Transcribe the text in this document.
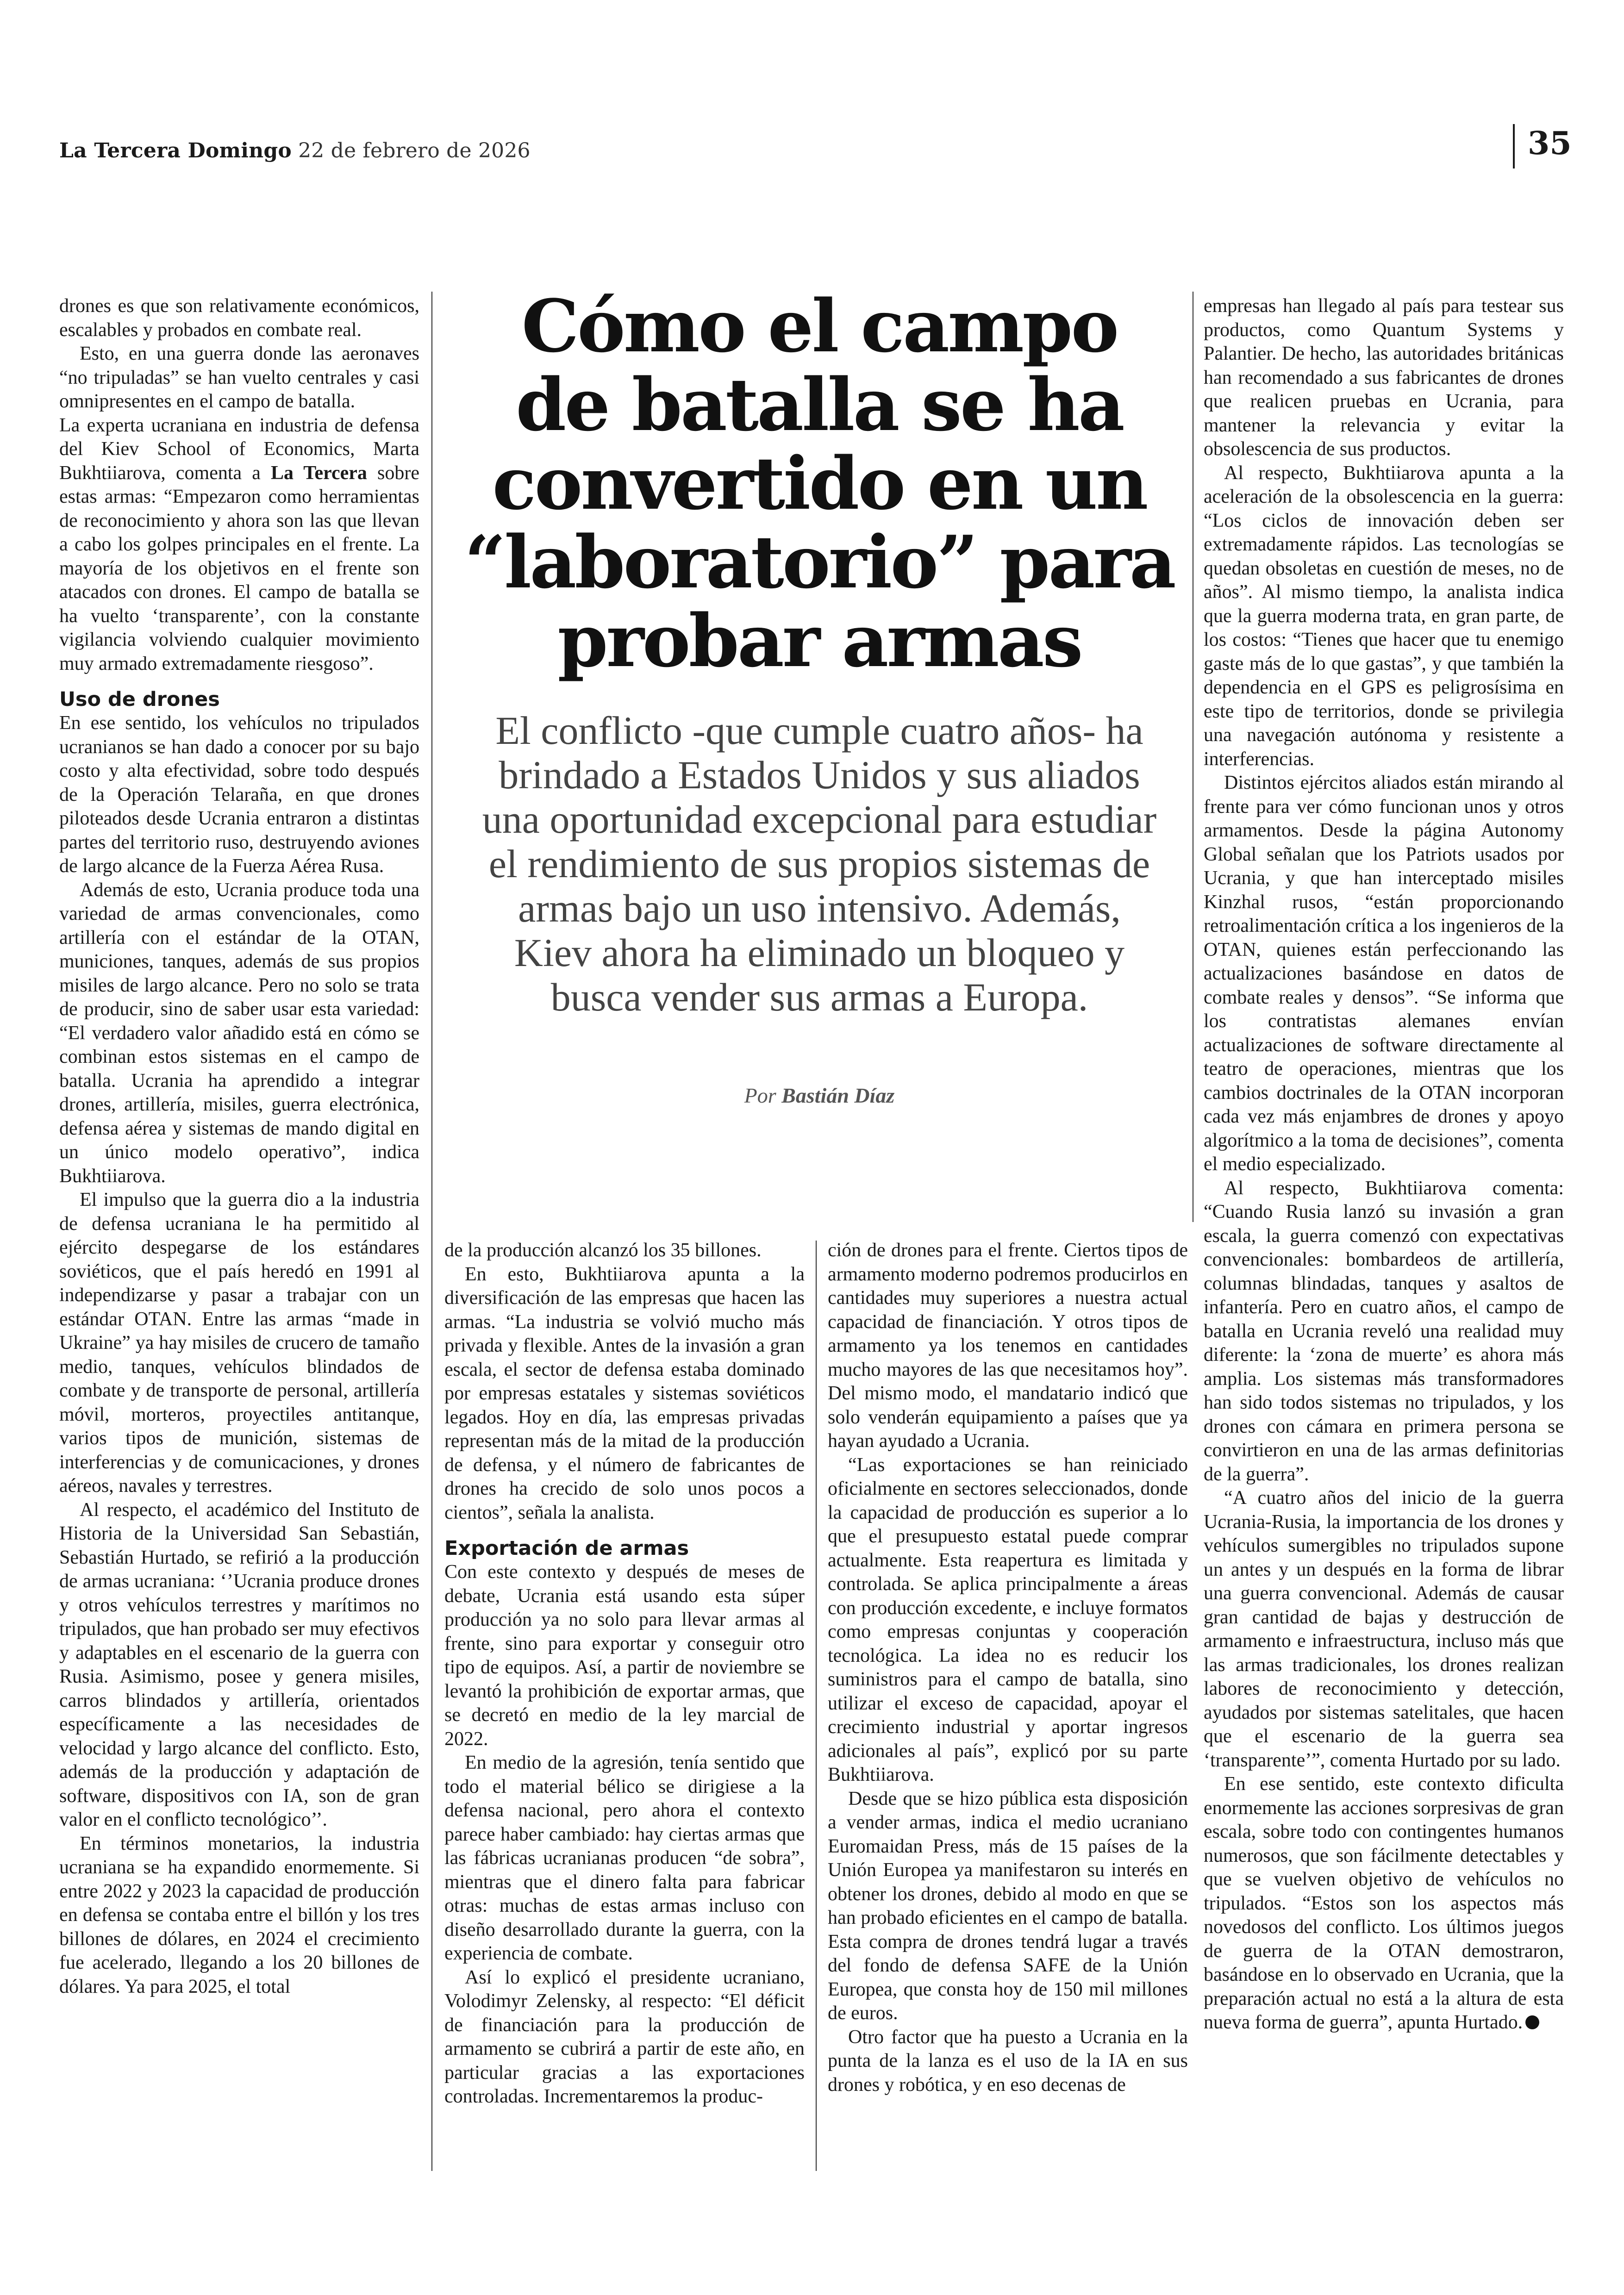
La Tercera Domingo 22 de febrero de 2026	35
Cómo el campo
de batalla se ha
convertido en un
“laboratorio” para
probar armas

El conflicto -que cumple cuatro años- ha brindado a Estados Unidos y sus aliados una oportunidad excepcional para estudiar el rendimiento de sus propios sistemas de armas bajo un uso intensivo. Además, Kiev ahora ha eliminado un bloqueo y busca vender sus armas a Europa.

Por Bastián Díaz

drones es que son relativamente económicos, escalables y probados en combate real.

Esto, en una guerra donde las aeronaves “no tripuladas” se han vuelto centrales y casi omnipresentes en el campo de batalla.

La experta ucraniana en industria de defensa del Kiev School of Economics, Marta Bukhtiiarova, comenta a La Tercera sobre estas armas: “Empezaron como herramientas de reconocimiento y ahora son las que llevan a cabo los golpes principales en el frente. La mayoría de los objetivos en el frente son atacados con drones. El campo de batalla se ha vuelto ‘transparente’, con la constante vigilancia volviendo cualquier movimiento muy armado extremadamente riesgoso”.

Uso de drones

En ese sentido, los vehículos no tripulados ucranianos se han dado a conocer por su bajo costo y alta efectividad, sobre todo después de la Operación Telaraña, en que drones piloteados desde Ucrania entraron a distintas partes del territorio ruso, destruyendo aviones de largo alcance de la Fuerza Aérea Rusa.

Además de esto, Ucrania produce toda una variedad de armas convencionales, como artillería con el estándar de la OTAN, municiones, tanques, además de sus propios misiles de largo alcance. Pero no solo se trata de producir, sino de saber usar esta variedad: “El verdadero valor añadido está en cómo se combinan estos sistemas en el campo de batalla. Ucrania ha aprendido a integrar drones, artillería, misiles, guerra electrónica, defensa aérea y sistemas de mando digital en un único modelo operativo”, indica Bukhtiiarova.

El impulso que la guerra dio a la industria de defensa ucraniana le ha permitido al ejército despegarse de los estándares soviéticos, que el país heredó en 1991 al independizarse y pasar a trabajar con un estándar OTAN. Entre las armas “made in Ukraine” ya hay misiles de crucero de tamaño medio, tanques, vehículos blindados de combate y de transporte de personal, artillería móvil, morteros, proyectiles antitanque, varios tipos de munición, sistemas de interferencias y de comunicaciones, y drones aéreos, navales y terrestres.

Al respecto, el académico del Instituto de Historia de la Universidad San Sebastián, Sebastián Hurtado, se refirió a la producción de armas ucraniana: ‘’Ucrania produce drones y otros vehículos terrestres y marítimos no tripulados, que han probado ser muy efectivos y adaptables en el escenario de la guerra con Rusia. Asimismo, posee y genera misiles, carros blindados y artillería, orientados específicamente a las necesidades de velocidad y largo alcance del conflicto. Esto, además de la producción y adaptación de software, dispositivos con IA, son de gran valor en el conflicto tecnológico’’.

En términos monetarios, la industria ucraniana se ha expandido enormemente. Si entre 2022 y 2023 la capacidad de producción en defensa se contaba entre el billón y los tres billones de dólares, en 2024 el crecimiento fue acelerado, llegando a los 20 billones de dólares. Ya para 2025, el total

de la producción alcanzó los 35 billones.

En esto, Bukhtiiarova apunta a la diversificación de las empresas que hacen las armas. “La industria se volvió mucho más privada y flexible. Antes de la invasión a gran escala, el sector de defensa estaba dominado por empresas estatales y sistemas soviéticos legados. Hoy en día, las empresas privadas representan más de la mitad de la producción de defensa, y el número de fabricantes de drones ha crecido de solo unos pocos a cientos”, señala la analista.

Exportación de armas

Con este contexto y después de meses de debate, Ucrania está usando esta súper producción ya no solo para llevar armas al frente, sino para exportar y conseguir otro tipo de equipos. Así, a partir de noviembre se levantó la prohibición de exportar armas, que se decretó en medio de la ley marcial de 2022.

En medio de la agresión, tenía sentido que todo el material bélico se dirigiese a la defensa nacional, pero ahora el contexto parece haber cambiado: hay ciertas armas que las fábricas ucranianas producen “de sobra”, mientras que el dinero falta para fabricar otras: muchas de estas armas incluso con diseño desarrollado durante la guerra, con la experiencia de combate.

Así lo explicó el presidente ucraniano, Volodimyr Zelensky, al respecto: “El déficit de financiación para la producción de armamento se cubrirá a partir de este año, en particular gracias a las exportaciones controladas. Incrementaremos la produc-

ción de drones para el frente. Ciertos tipos de armamento moderno podremos producirlos en cantidades muy superiores a nuestra actual capacidad de financiación. Y otros tipos de armamento ya los tenemos en cantidades mucho mayores de las que necesitamos hoy”. Del mismo modo, el mandatario indicó que solo venderán equipamiento a países que ya hayan ayudado a Ucrania.

“Las exportaciones se han reiniciado oficialmente en sectores seleccionados, donde la capacidad de producción es superior a lo que el presupuesto estatal puede comprar actualmente. Esta reapertura es limitada y controlada. Se aplica principalmente a áreas con producción excedente, e incluye formatos como empresas conjuntas y cooperación tecnológica. La idea no es reducir los suministros para el campo de batalla, sino utilizar el exceso de capacidad, apoyar el crecimiento industrial y aportar ingresos adicionales al país”, explicó por su parte Bukhtiiarova.

Desde que se hizo pública esta disposición a vender armas, indica el medio ucraniano Euromaidan Press, más de 15 países de la Unión Europea ya manifestaron su interés en obtener los drones, debido al modo en que se han probado eficientes en el campo de batalla. Esta compra de drones tendrá lugar a través del fondo de defensa SAFE de la Unión Europea, que consta hoy de 150 mil millones de euros.

Otro factor que ha puesto a Ucrania en la punta de la lanza es el uso de la IA en sus drones y robótica, y en eso decenas de

empresas han llegado al país para testear sus productos, como Quantum Systems y Palantier. De hecho, las autoridades británicas han recomendado a sus fabricantes de drones que realicen pruebas en Ucrania, para mantener la relevancia y evitar la obsolescencia de sus productos.

Al respecto, Bukhtiiarova apunta a la aceleración de la obsolescencia en la guerra: “Los ciclos de innovación deben ser extremadamente rápidos. Las tecnologías se quedan obsoletas en cuestión de meses, no de años”. Al mismo tiempo, la analista indica que la guerra moderna trata, en gran parte, de los costos: “Tienes que hacer que tu enemigo gaste más de lo que gastas”, y que también la dependencia en el GPS es peligrosísima en este tipo de territorios, donde se privilegia una navegación autónoma y resistente a interferencias.

Distintos ejércitos aliados están mirando al frente para ver cómo funcionan unos y otros armamentos. Desde la página Autonomy Global señalan que los Patriots usados por Ucrania, y que han interceptado misiles Kinzhal rusos, “están proporcionando retroalimentación crítica a los ingenieros de la OTAN, quienes están perfeccionando las actualizaciones basándose en datos de combate reales y densos”. “Se informa que los contratistas alemanes envían actualizaciones de software directamente al teatro de operaciones, mientras que los cambios doctrinales de la OTAN incorporan cada vez más enjambres de drones y apoyo algorítmico a la toma de decisiones”, comenta el medio especializado.

Al respecto, Bukhtiiarova comenta: “Cuando Rusia lanzó su invasión a gran escala, la guerra comenzó con expectativas convencionales: bombardeos de artillería, columnas blindadas, tanques y asaltos de infantería. Pero en cuatro años, el campo de batalla en Ucrania reveló una realidad muy diferente: la ‘zona de muerte’ es ahora más amplia. Los sistemas más transformadores han sido todos sistemas no tripulados, y los drones con cámara en primera persona se convirtieron en una de las armas definitorias de la guerra”.

“A cuatro años del inicio de la guerra Ucrania-Rusia, la importancia de los drones y vehículos sumergibles no tripulados supone un antes y un después en la forma de librar una guerra convencional. Además de causar gran cantidad de bajas y destrucción de armamento e infraestructura, incluso más que las armas tradicionales, los drones realizan labores de reconocimiento y detección, ayudados por sistemas satelitales, que hacen que el escenario de la guerra sea ‘transparente’”, comenta Hurtado por su lado.

En ese sentido, este contexto dificulta enormemente las acciones sorpresivas de gran escala, sobre todo con contingentes humanos numerosos, que son fácilmente detectables y que se vuelven objetivo de vehículos no tripulados. “Estos son los aspectos más novedosos del conflicto. Los últimos juegos de guerra de la OTAN demostraron, basándose en lo observado en Ucrania, que la preparación actual no está a la altura de esta nueva forma de guerra”, apunta Hurtado.
